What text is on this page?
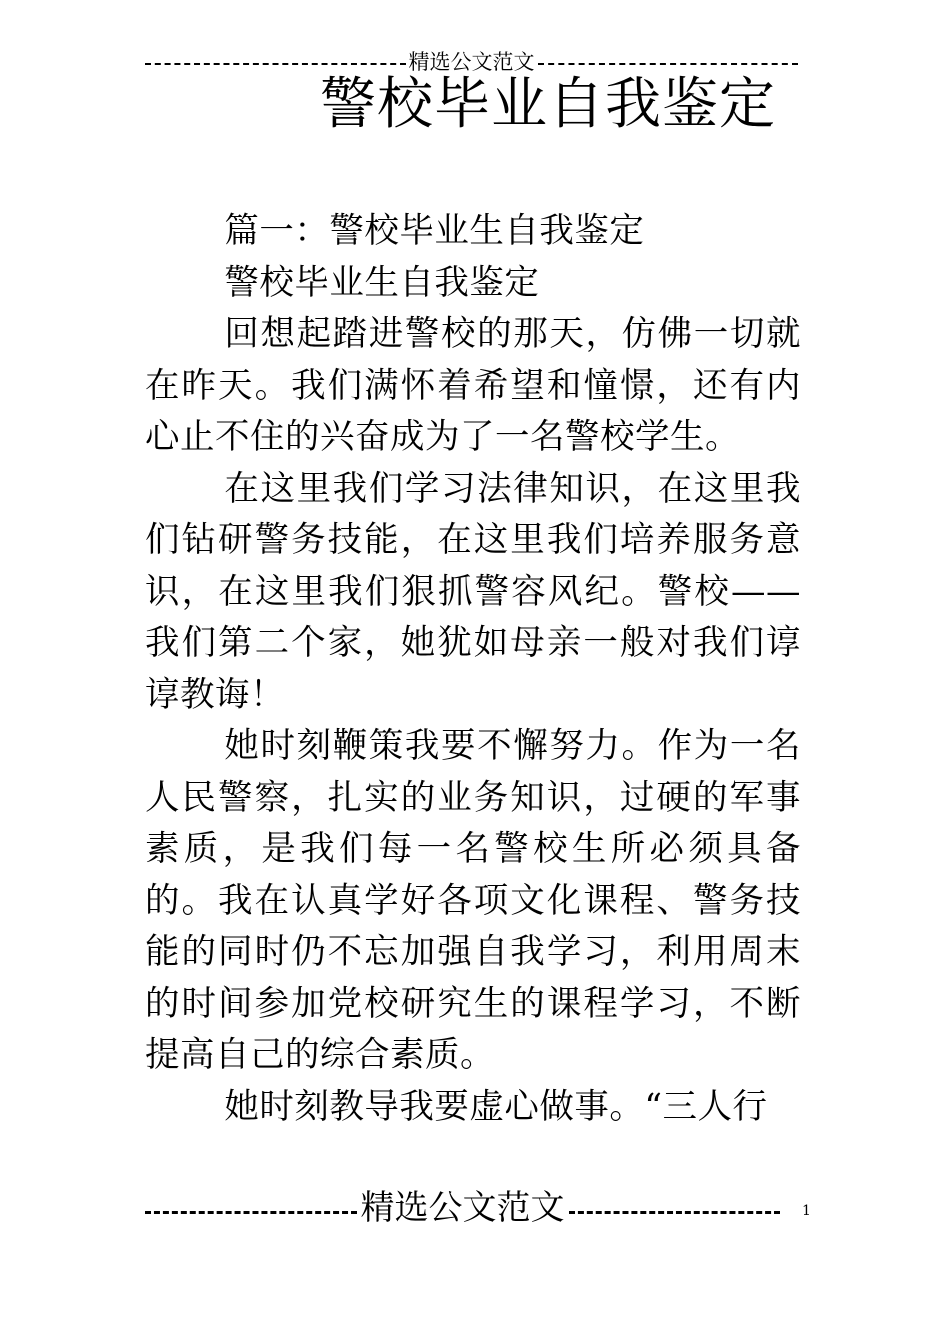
精选公文范文
警校毕业自我鉴定

篇一：警校毕业生自我鉴定

警校毕业生自我鉴定

回想起踏进警校的那天，仿佛一切就在昨天。我们满怀着希望和憧憬，还有内心止不住的兴奋成为了一名警校学生。

在这里我们学习法律知识，在这里我们钻研警务技能，在这里我们培养服务意识，在这里我们狠抓警容风纪。警校——我们第二个家，她犹如母亲一般对我们谆谆教诲！

她时刻鞭策我要不懈努力。作为一名人民警察，扎实的业务知识，过硬的军事素质，是我们每一名警校生所必须具备的。我在认真学好各项文化课程、警务技能的同时仍不忘加强自我学习，利用周末的时间参加党校研究生的课程学习，不断提高自己的综合素质。

她时刻教导我要虚心做事。“三人行

精选公文范文	1
